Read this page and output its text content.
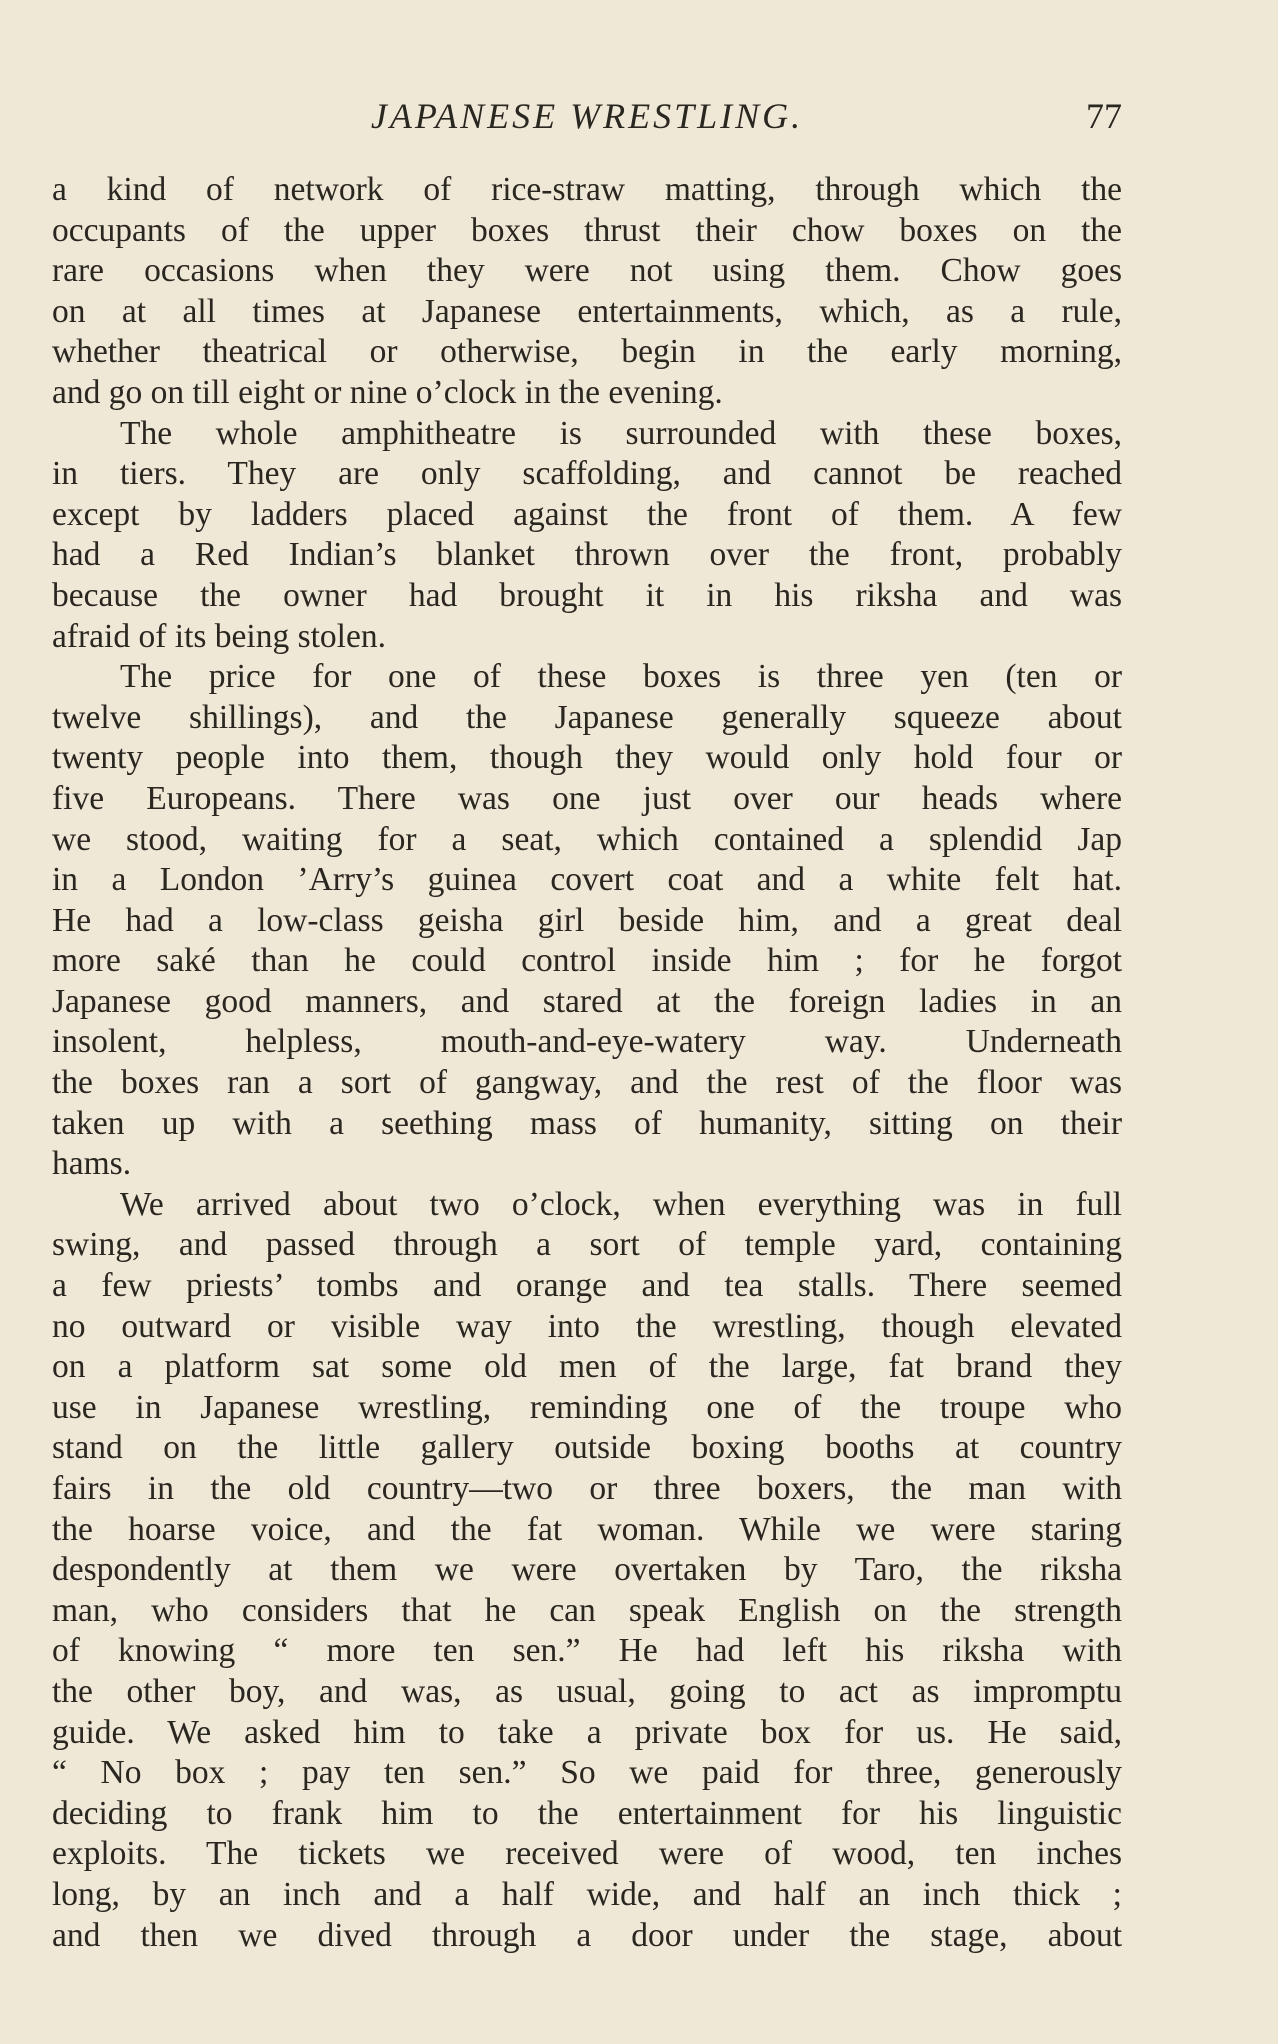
JAPANESE WRESTLING.	77
a kind of network of rice-straw matting, through which the
occupants of the upper boxes thrust their chow boxes on the
rare occasions when they were not using them. Chow goes
on at all times at Japanese entertainments, which, as a rule,
whether theatrical or otherwise, begin in the early morning,
and go on till eight or nine o’clock in the evening.
The whole amphitheatre is surrounded with these boxes,
in tiers. They are only scaffolding, and cannot be reached
except by ladders placed against the front of them. A few
had a Red Indian’s blanket thrown over the front, probably
because the owner had brought it in his riksha and was
afraid of its being stolen.
The price for one of these boxes is three yen (ten or
twelve shillings), and the Japanese generally squeeze about
twenty people into them, though they would only hold four or
five Europeans. There was one just over our heads where
we stood, waiting for a seat, which contained a splendid Jap
in a London ’Arry’s guinea covert coat and a white felt hat.
He had a low-class geisha girl beside him, and a great deal
more saké than he could control inside him ; for he forgot
Japanese good manners, and stared at the foreign ladies in an
insolent, helpless, mouth-and-eye-watery way. Underneath
the boxes ran a sort of gangway, and the rest of the floor was
taken up with a seething mass of humanity, sitting on their
hams.
We arrived about two o’clock, when everything was in full
swing, and passed through a sort of temple yard, containing
a few priests’ tombs and orange and tea stalls. There seemed
no outward or visible way into the wrestling, though elevated
on a platform sat some old men of the large, fat brand they
use in Japanese wrestling, reminding one of the troupe who
stand on the little gallery outside boxing booths at country
fairs in the old country—two or three boxers, the man with
the hoarse voice, and the fat woman. While we were staring
despondently at them we were overtaken by Taro, the riksha
man, who considers that he can speak English on the strength
of knowing “ more ten sen.” He had left his riksha with
the other boy, and was, as usual, going to act as impromptu
guide. We asked him to take a private box for us. He said,
“ No box ; pay ten sen.” So we paid for three, generously
deciding to frank him to the entertainment for his linguistic
exploits. The tickets we received were of wood, ten inches
long, by an inch and a half wide, and half an inch thick ;
and then we dived through a door under the stage, about
